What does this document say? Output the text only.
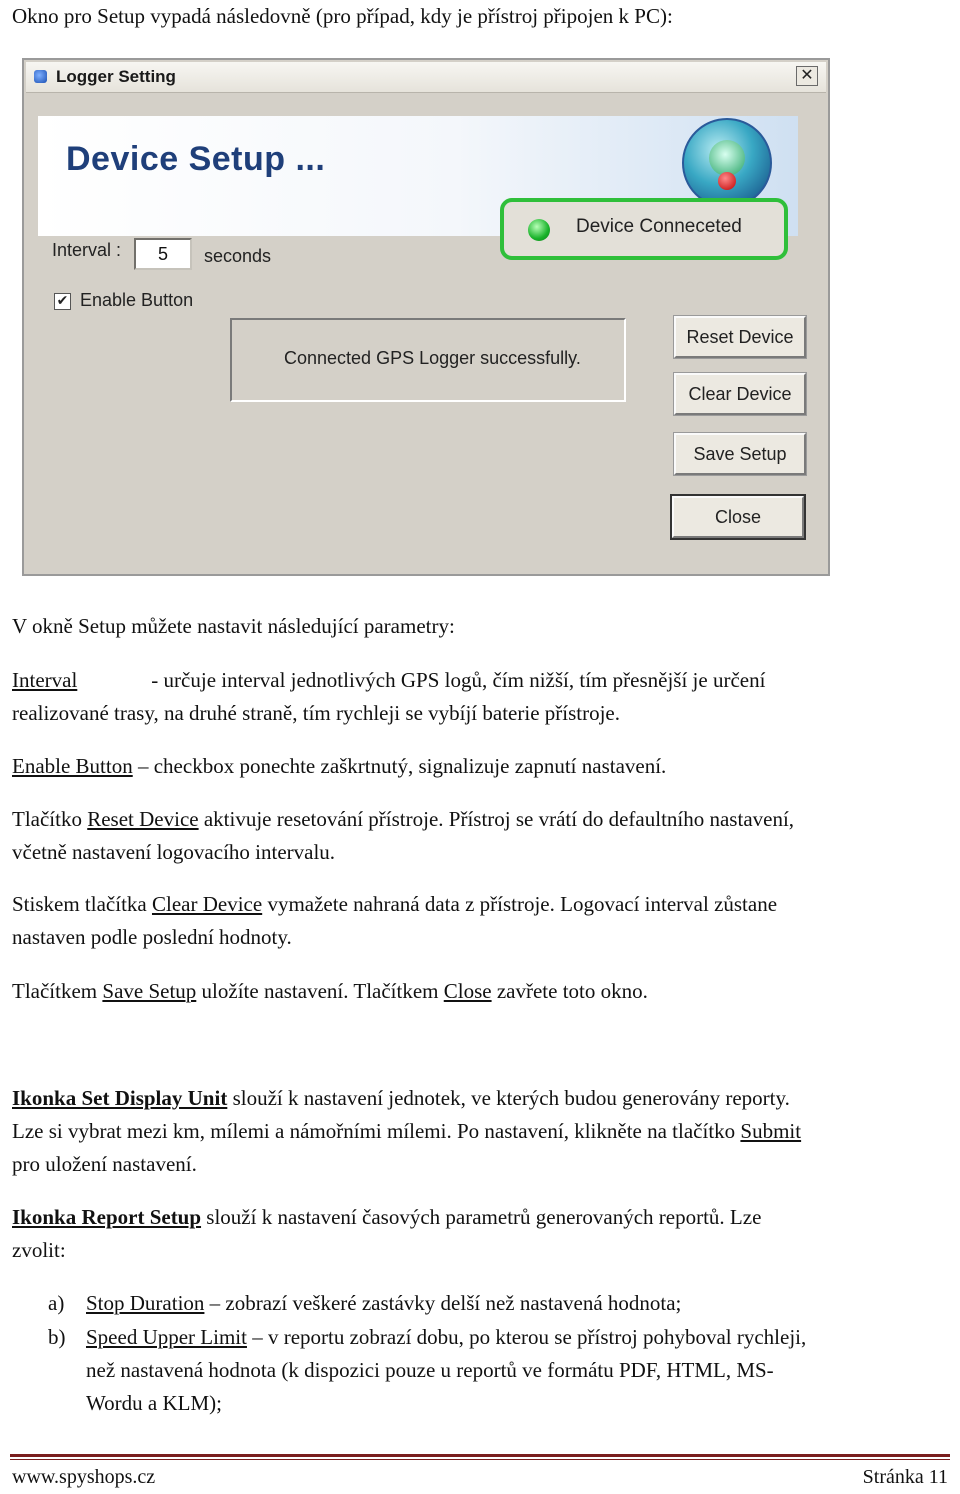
Okno pro Setup vypadá následovně (pro případ, kdy je přístroj připojen k PC):
Logger Setting	✕
Device Setup ...
Device Conneceted
Interval :	5	seconds
✔ Enable Button
Connected GPS Logger successfully.
Reset Device
Clear Device
Save Setup
Close
V okně Setup můžete nastavit následující parametry:
Interval	- určuje interval jednotlivých GPS logů, čím nižší, tím přesnější je určení
realizované trasy, na druhé straně, tím rychleji se vybíjí baterie přístroje.
Enable Button – checkbox ponechte zaškrtnutý, signalizuje zapnutí nastavení.
Tlačítko Reset Device aktivuje resetování přístroje. Přístroj se vrátí do defaultního nastavení,
včetně nastavení logovacího intervalu.
Stiskem tlačítka Clear Device vymažete nahraná data z přístroje. Logovací interval zůstane
nastaven podle poslední hodnoty.
Tlačítkem Save Setup uložíte nastavení. Tlačítkem Close zavřete toto okno.
Ikonka Set Display Unit slouží k nastavení jednotek, ve kterých budou generovány reporty.
Lze si vybrat mezi km, mílemi a námořními mílemi. Po nastavení, klikněte na tlačítko Submit
pro uložení nastavení.
Ikonka Report Setup slouží k nastavení časových parametrů generovaných reportů. Lze
zvolit:
a) Stop Duration – zobrazí veškeré zastávky delší než nastavená hodnota;
b) Speed Upper Limit – v reportu zobrazí dobu, po kterou se přístroj pohyboval rychleji,
než nastavená hodnota (k dispozici pouze u reportů ve formátu PDF, HTML, MS-
Wordu a KLM);
www.spyshops.cz	Stránka 11
